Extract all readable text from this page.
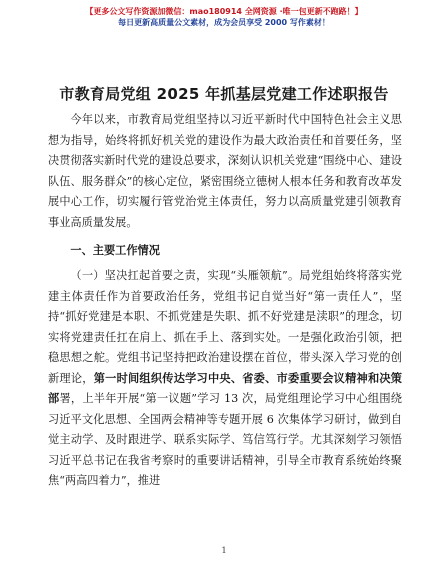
【更多公文写作资源加微信：mao180914 全网资源 ·唯一包更新不跑路！】
每日更新高质量公文素材，成为会员享受 2000 写作素材！
市教育局党组 2025 年抓基层党建工作述职报告

今年以来，市教育局党组坚持以习近平新时代中国特色社会主义思想为指导，始终将抓好机关党的建设作为最大政治责任和首要任务，坚决贯彻落实新时代党的建设总要求，深刻认识机关党建“围绕中心、建设队伍、服务群众”的核心定位，紧密围绕立德树人根本任务和教育改革发展中心工作，切实履行管党治党主体责任，努力以高质量党建引领教育事业高质量发展。

一、主要工作情况

（一）坚决扛起首要之责，实现“头雁领航”。局党组始终将落实党建主体责任作为首要政治任务，党组书记自觉当好“第一责任人”，坚持“抓好党建是本职、不抓党建是失职、抓不好党建是渎职”的理念，切实将党建责任扛在肩上、抓在手上、落到实处。一是强化政治引领，把稳思想之舵。党组书记坚持把政治建设摆在首位，带头深入学习党的创新理论，第一时间组织传达学习中央、省委、市委重要会议精神和决策部署，上半年开展“第一议题”学习 13 次，局党组理论学习中心组围绕习近平文化思想、全国两会精神等专题开展 6 次集体学习研讨，做到自觉主动学、及时跟进学、联系实际学、笃信笃行学。尤其深刻学习领悟习近平总书记在我省考察时的重要讲话精神，引导全市教育系统始终聚焦“两高四着力”，推进

1
